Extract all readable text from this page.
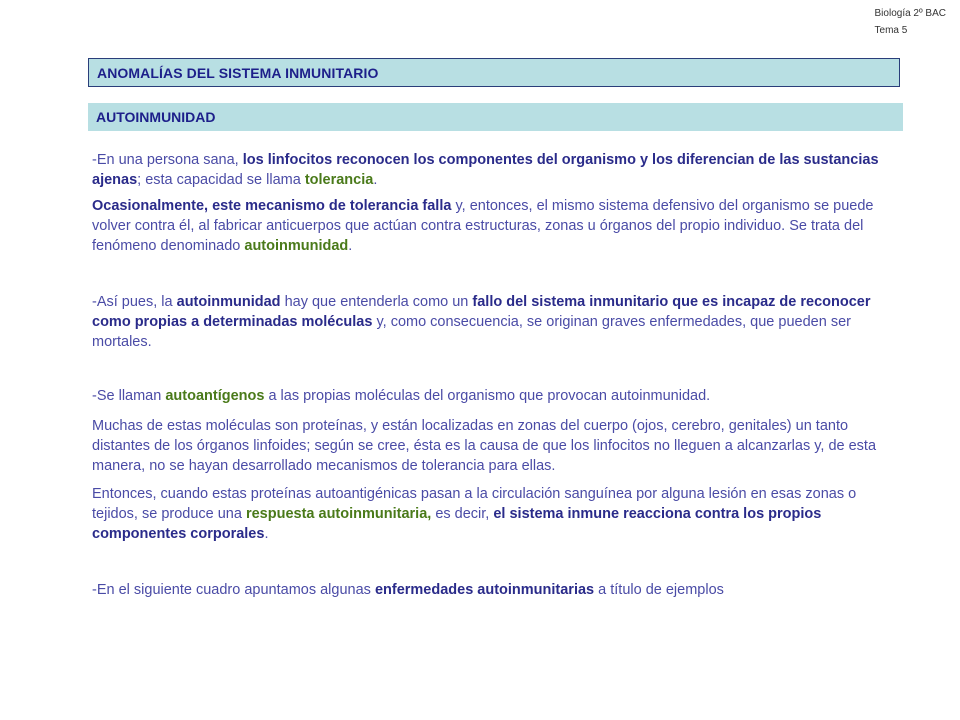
Biología 2º BAC
Tema 5
ANOMALÍAS DEL SISTEMA INMUNITARIO
AUTOINMUNIDAD

-En una persona sana, los linfocitos reconocen los componentes del organismo y los diferencian de las sustancias ajenas; esta capacidad se llama tolerancia.

Ocasionalmente, este mecanismo de tolerancia falla y, entonces, el mismo sistema defensivo del organismo se puede volver contra él, al fabricar anticuerpos que actúan contra estructuras, zonas u órganos del propio individuo. Se trata del fenómeno denominado autoinmunidad.

-Así pues, la autoinmunidad hay que entenderla como un fallo del sistema inmunitario que es incapaz de reconocer como propias a determinadas moléculas y, como consecuencia, se originan graves enfermedades, que pueden ser mortales.

-Se llaman autoantígenos a las propias moléculas del organismo que provocan autoinmunidad.

Muchas de estas moléculas son proteínas, y están localizadas en zonas del cuerpo (ojos, cerebro, genitales) un tanto distantes de los órganos linfoides; según se cree, ésta es la causa de que los linfocitos no lleguen a alcanzarlas y, de esta manera, no se hayan desarrollado mecanismos de tolerancia para ellas.

Entonces, cuando estas proteínas autoantigénicas pasan a la circulación sanguínea por alguna lesión en esas zonas o tejidos, se produce una respuesta autoinmunitaria, es decir, el sistema inmune reacciona contra los propios componentes corporales.

-En el siguiente cuadro apuntamos algunas enfermedades autoinmunitarias a título de ejemplos
